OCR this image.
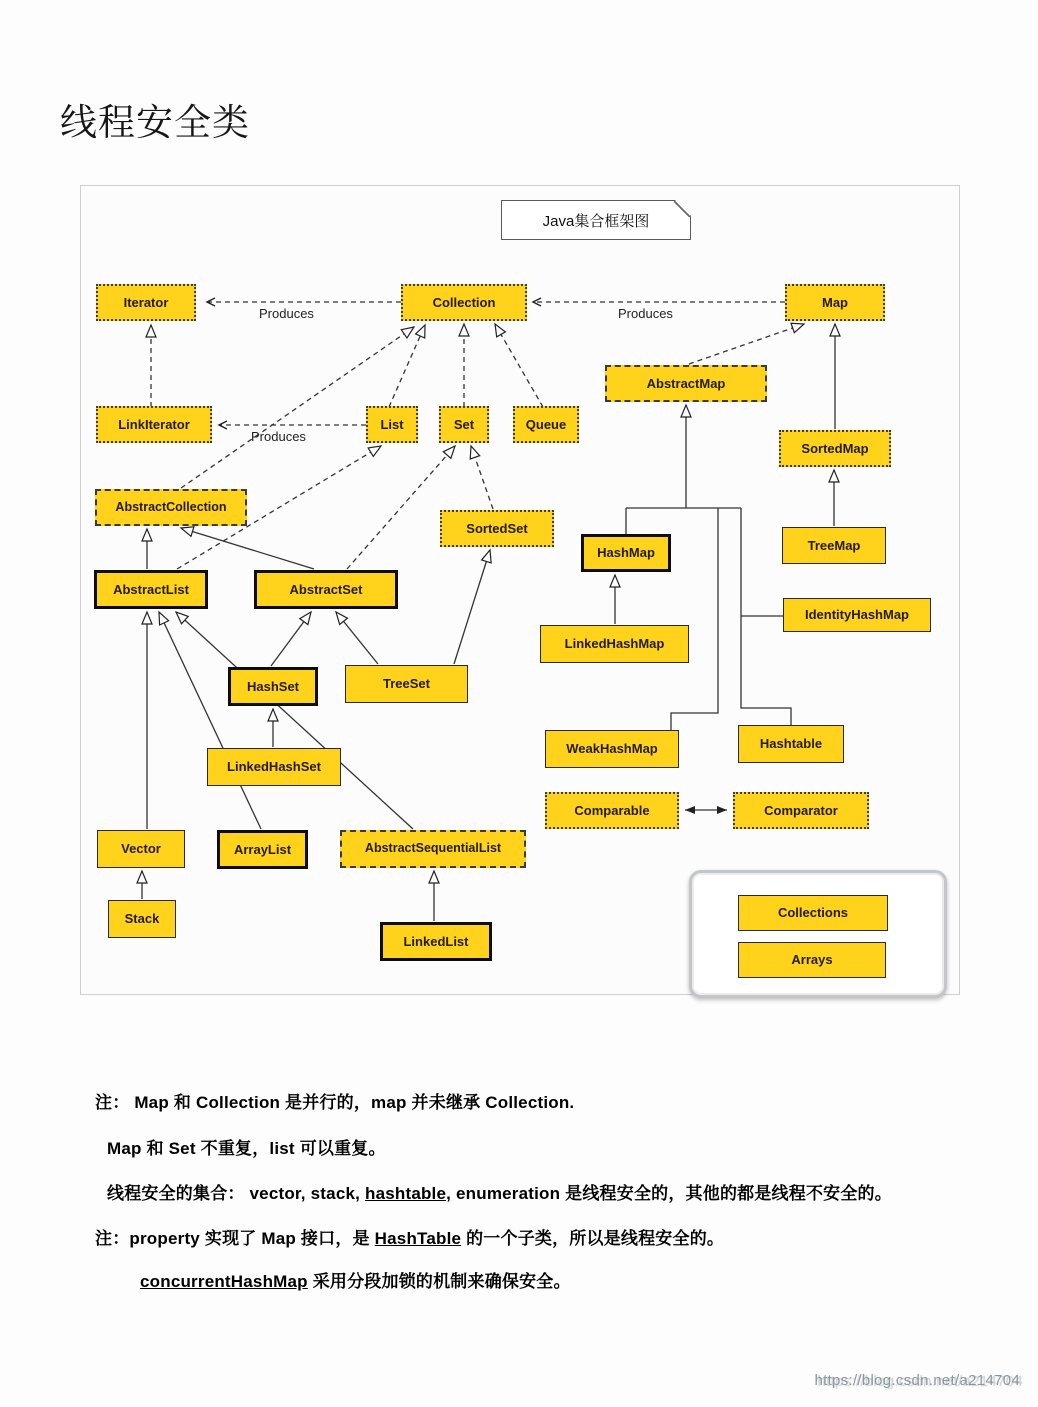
线程安全类
Java集合框架图
Produces	Produces
Produces
Iterator	Collection	Map
LinkIterator	List	Set	Queue
AbstractMap
SortedMap
AbstractCollection
SortedSet
HashMap	TreeMap
AbstractList	AbstractSet
IdentityHashMap
LinkedHashMap
HashSet	TreeSet
WeakHashMap	Hashtable
LinkedHashSet
Comparable	Comparator
Vector	ArrayList	AbstractSequentialList
Stack
LinkedList
Collections
Arrays

注： Map 和 Collection 是并行的，map 并未继承 Collection.

Map 和 Set 不重复，list 可以重复。

线程安全的集合： vector, stack, hashtable, enumeration 是线程安全的，其他的都是线程不安全的。

注：property 实现了 Map 接口，是 HashTable 的一个子类，所以是线程安全的。

concurrentHashMap 采用分段加锁的机制来确保安全。

https://blog.csdn.net/a214704
